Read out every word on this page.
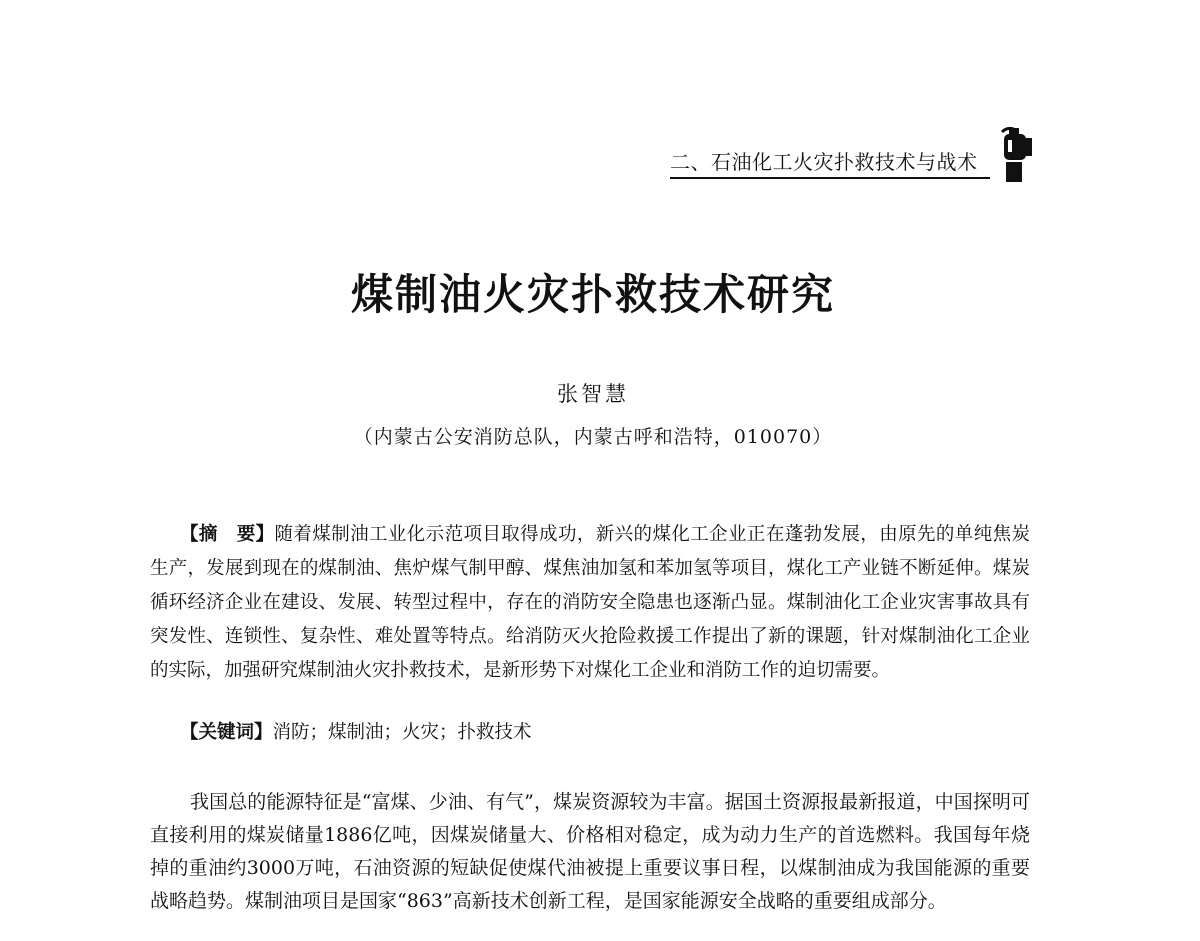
二、石油化工火灾扑救技术与战术
煤制油火灾扑救技术研究
张智慧
（内蒙古公安消防总队，内蒙古呼和浩特，010070）

【摘　要】随着煤制油工业化示范项目取得成功，新兴的煤化工企业正在蓬勃发展，由原先的单纯焦炭生产，发展到现在的煤制油、焦炉煤气制甲醇、煤焦油加氢和苯加氢等项目，煤化工产业链不断延伸。煤炭循环经济企业在建设、发展、转型过程中，存在的消防安全隐患也逐渐凸显。煤制油化工企业灾害事故具有突发性、连锁性、复杂性、难处置等特点。给消防灭火抢险救援工作提出了新的课题，针对煤制油化工企业的实际，加强研究煤制油火灾扑救技术，是新形势下对煤化工企业和消防工作的迫切需要。

【关键词】消防；煤制油；火灾；扑救技术

我国总的能源特征是“富煤、少油、有气”，煤炭资源较为丰富。据国土资源报最新报道，中国探明可直接利用的煤炭储量1886亿吨，因煤炭储量大、价格相对稳定，成为动力生产的首选燃料。我国每年烧掉的重油约3000万吨，石油资源的短缺促使煤代油被提上重要议事日程，以煤制油成为我国能源的重要战略趋势。煤制油项目是国家“863”高新技术创新工程，是国家能源安全战略的重要组成部分。
